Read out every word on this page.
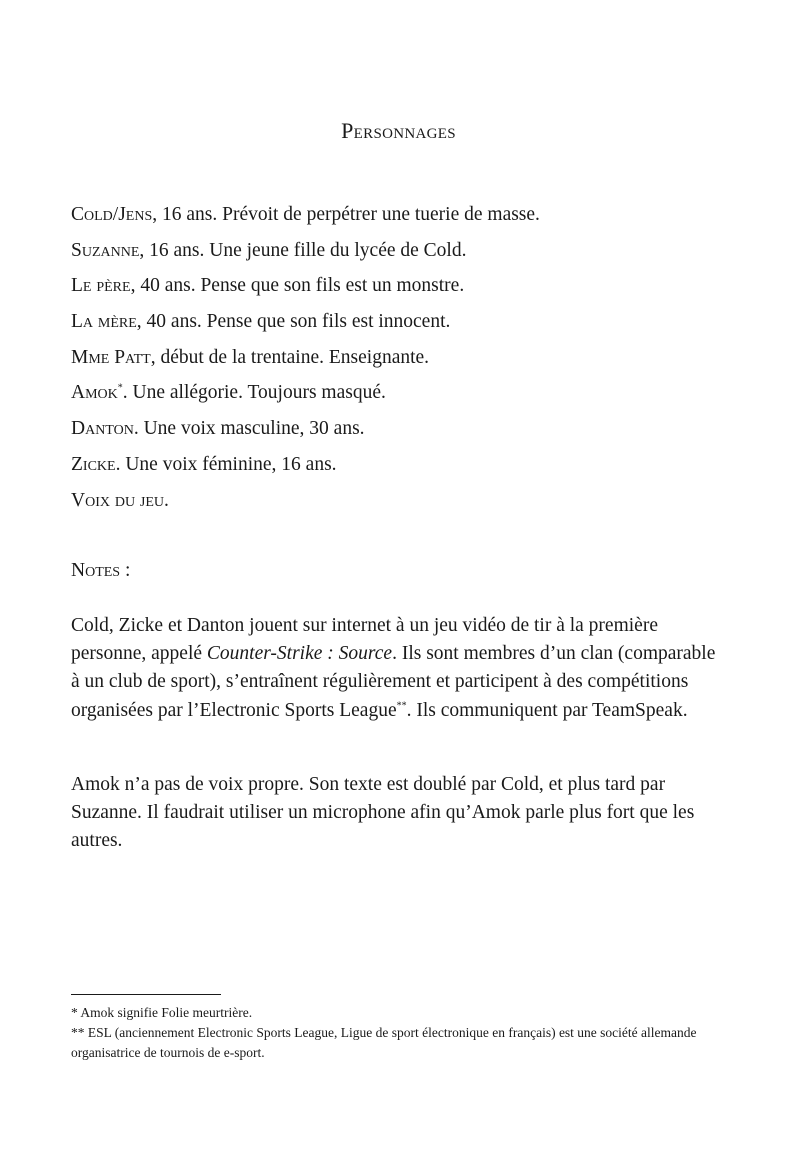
Personnages
Cold/Jens, 16 ans. Prévoit de perpétrer une tuerie de masse.
Suzanne, 16 ans. Une jeune fille du lycée de Cold.
Le père, 40 ans. Pense que son fils est un monstre.
La mère, 40 ans. Pense que son fils est innocent.
Mme Patt, début de la trentaine. Enseignante.
Amok*. Une allégorie. Toujours masqué.
Danton. Une voix masculine, 30 ans.
Zicke. Une voix féminine, 16 ans.
Voix du jeu.
Notes :

Cold, Zicke et Danton jouent sur internet à un jeu vidéo de tir à la première personne, appelé Counter-Strike : Source. Ils sont membres d’un clan (comparable à un club de sport), s’entraînent régulièrement et participent à des compétitions organisées par l’Electronic Sports League**. Ils communiquent par TeamSpeak.

Amok n’a pas de voix propre. Son texte est doublé par Cold, et plus tard par Suzanne. Il faudrait utiliser un microphone afin qu’Amok parle plus fort que les autres.

* Amok signifie Folie meurtrière.
** ESL (anciennement Electronic Sports League, Ligue de sport électronique en français) est une société allemande organisatrice de tournois de e-sport.
